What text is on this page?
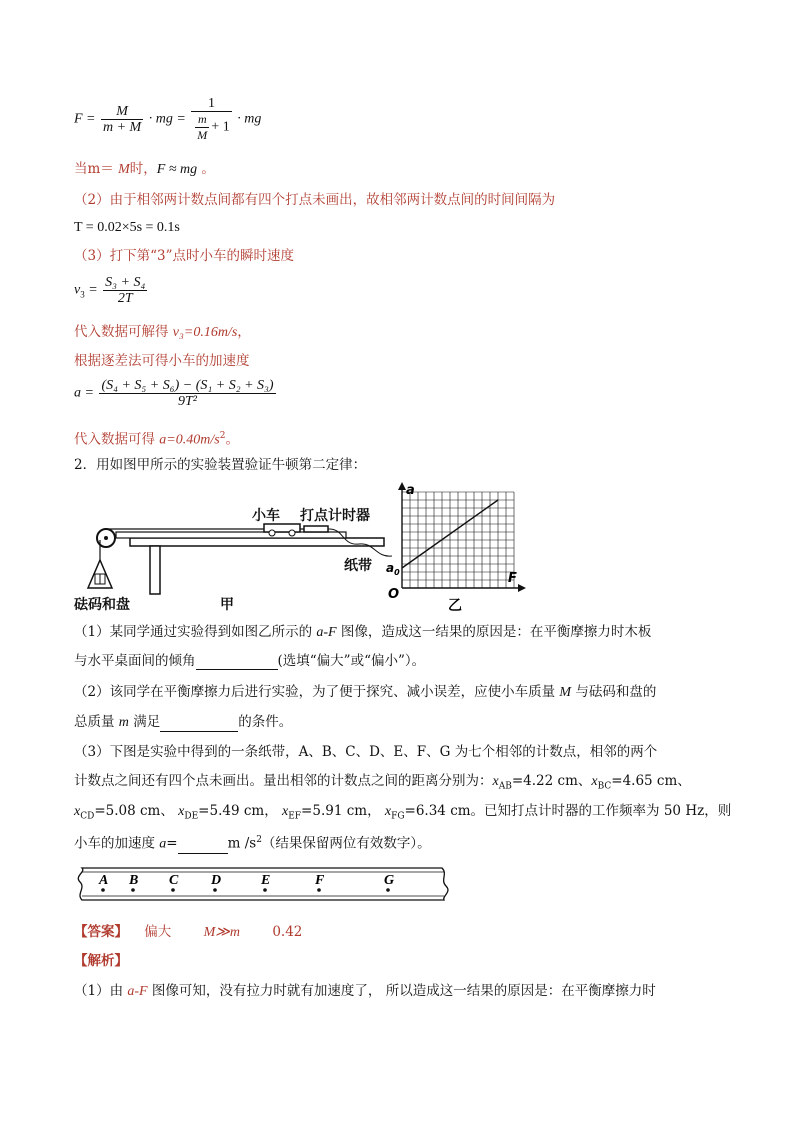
$F = \frac{M}{m + M}$ · mg = $\frac{1}{\frac{m}{M} + 1}$ · mg
当m＝ M时，F ≈ mg 。
（2）由于相邻两计数点间都有四个打点未画出，故相邻两计数点间的时间间隔为
T = 0.02×5s = 0.1s
（3）打下第“3”点时小车的瞬时速度
$v_3 = \frac{\text{S₃ + S₄}}{2T}$
代入数据可解得 v₃=0.16m/s，
根据逐差法可得小车的加速度
$a = \frac{\text{(S₄ + S₅ + S₆) − (S₁ + S₂ + S₃)}}{\text{9T²}}$
代入数据可得 $a=0.40m/s^2$。
2．用如图甲所示的实验装置验证牛顿第二定律：
小车 打点计时器
纸带
砝码和盘	甲
a
F
$a_0$
O
乙
（1）某同学通过实验得到如图乙所示的 a-F 图像，造成这一结果的原因是：在平衡摩擦力时木板
与水平桌面间的倾角	(选填“偏大”或“偏小”）。
（2）该同学在平衡摩擦力后进行实验，为了便于探究、减小误差，应使小车质量 M 与砝码和盘的
总质量 m 满足	的条件。
（3）下图是实验中得到的一条纸带，A、B、C、D、E、F、G 为七个相邻的计数点，相邻的两个
计数点之间还有四个点未画出。量出相邻的计数点之间的距离分别为：$x_{AB}=4.22$ cm、$x_{BC}=4.65$ cm、
$x_{CD}=5.08$ cm、 $x_{DE}=5.49$ cm， $x_{EF}=5.91$ cm， $x_{FG}=6.34$ cm。已知打点计时器的工作频率为 50 Hz，则
小车的加速度 a=	m $/s^2$（结果保留两位有效数字）。
A B C D	E	F	G
【答案】 偏大 M≫m 0.42
【解析】
（1）由 a-F 图像可知，没有拉力时就有加速度了， 所以造成这一结果的原因是：在平衡摩擦力时
